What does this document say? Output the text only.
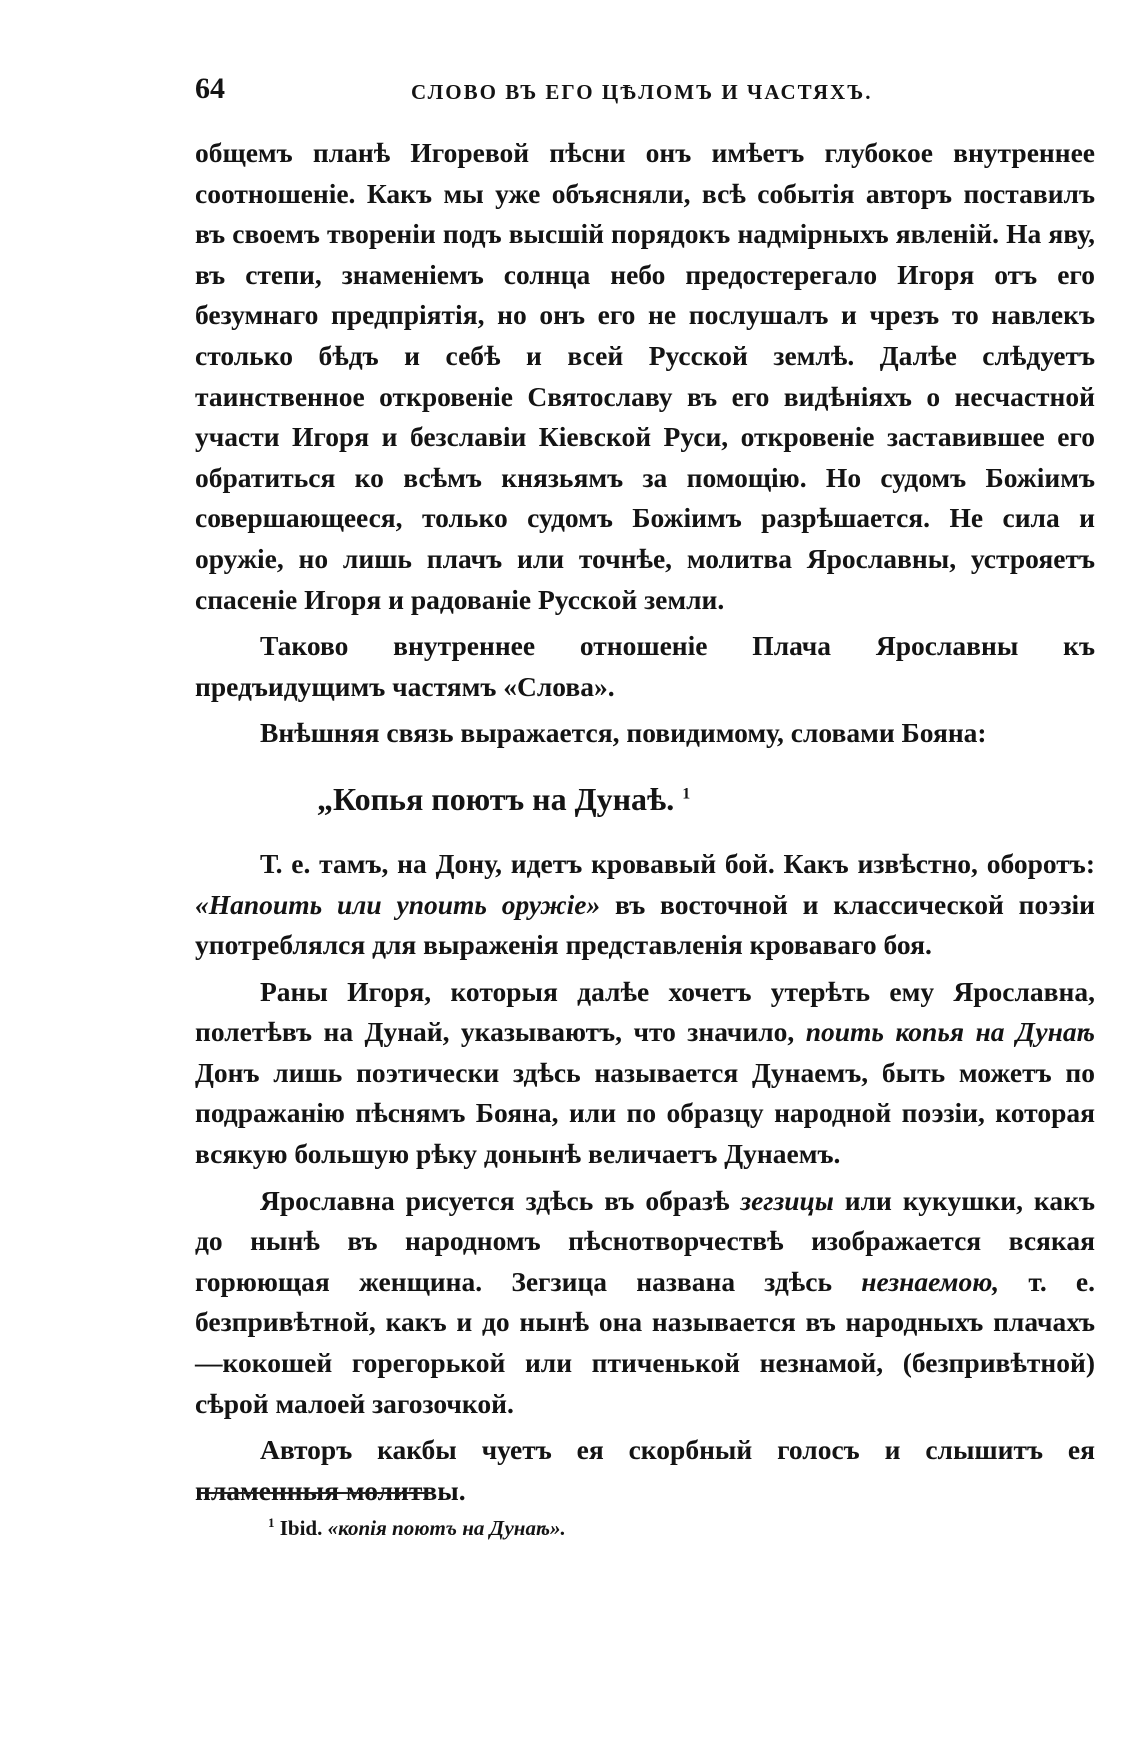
64	СЛОВО ВЪ ЕГО ЦѢЛОМЪ И ЧАСТЯХЪ.

общемъ планѣ Игоревой пѣсни онъ имѣетъ глубокое внутреннее соотношеніе. Какъ мы уже объясняли, всѣ событія авторъ поставилъ въ своемъ твореніи подъ высшій порядокъ надмірныхъ явленій. На яву, въ степи, знаменіемъ солнца небо предостерегало Игоря отъ его безумнаго предпріятія, но онъ его не послушалъ и чрезъ то навлекъ столько бѣдъ и себѣ и всей Русской землѣ. Далѣе слѣдуетъ таинственное откровеніе Святославу въ его видѣніяхъ о несчастной участи Игоря и безславіи Кіевской Руси, откровеніе заставившее его обратиться ко всѣмъ князьямъ за помощію. Но судомъ Божіимъ совершающееся, только судомъ Божіимъ разрѣшается. Не сила и оружіе, но лишь плачъ или точнѣе, молитва Ярославны, устрояетъ спасеніе Игоря и радованіе Русской земли.

Таково внутреннее отношеніе Плача Ярославны къ предъидущимъ частямъ «Слова».

Внѣшняя связь выражается, повидимому, словами Бояна:

„Копья поютъ на Дунаѣ. $^1$

Т. е. тамъ, на Дону, идетъ кровавый бой. Какъ извѣстно, оборотъ: «Напоить или упоить оружіе» въ восточной и классической поэзіи употреблялся для выраженія представленія кроваваго боя.

Раны Игоря, которыя далѣе хочетъ утерѣть ему Ярославна, полетѣвъ на Дунай, указываютъ, что значило, поить копья на Дунаѣ Донъ лишь поэтически здѣсь называется Дунаемъ, быть можетъ по подражанію пѣснямъ Бояна, или по образцу народной поэзіи, которая всякую большую рѣку донынѣ величаетъ Дунаемъ.

Ярославна рисуется здѣсь въ образѣ зегзицы или кукушки, какъ до нынѣ въ народномъ пѣснотворчествѣ изображается всякая горюющая женщина. Зегзица названа здѣсь незнаемою, т. е. безпривѣтной, какъ и до нынѣ она называется въ народныхъ плачахъ—кокошей горегорькой или птиченькой незнамой, (безпривѣтной) сѣрой малоей загозочкой.

Авторъ какбы чуетъ ея скорбный голосъ и слышитъ ея пламенныя молитвы.

$^1$ Ibid. «копія поютъ на Дунаѣ».
